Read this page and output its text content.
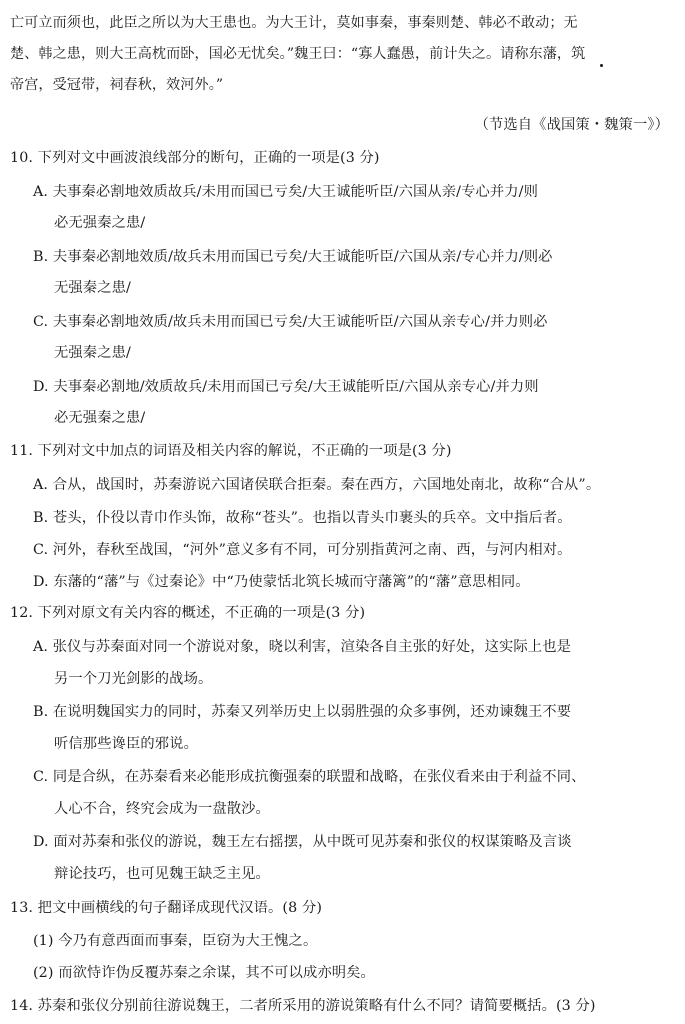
亡可立而须也，此臣之所以为大王患也。为大王计，莫如事秦，事秦则楚、韩必不敢动；无
楚、韩之患，则大王高枕而卧，国必无忧矣。”魏王曰：“寡人蠢愚，前计失之。请称东藩，筑
帝宫，受冠带，祠春秋，效河外。”
（节选自《战国策・魏策一》）
10. 下列对文中画波浪线部分的断句，正确的一项是(3 分)
A. 夫事秦必割地效质故兵/未用而国已亏矣/大王诚能听臣/六国从亲/专心并力/则
必无强秦之患/
B. 夫事秦必割地效质/故兵未用而国已亏矣/大王诚能听臣/六国从亲/专心并力/则必
无强秦之患/
C. 夫事秦必割地效质/故兵未用而国已亏矣/大王诚能听臣/六国从亲专心/并力则必
无强秦之患/
D. 夫事秦必割地/效质故兵/未用而国已亏矣/大王诚能听臣/六国从亲专心/并力则
必无强秦之患/
11. 下列对文中加点的词语及相关内容的解说，不正确的一项是(3 分)
A. 合从，战国时，苏秦游说六国诸侯联合拒秦。秦在西方，六国地处南北，故称“合从”。
B. 苍头，仆役以青巾作头饰，故称“苍头”。也指以青头巾裹头的兵卒。文中指后者。
C. 河外，春秋至战国，“河外”意义多有不同，可分别指黄河之南、西，与河内相对。
D. 东藩的“藩”与《过秦论》中“乃使蒙恬北筑长城而守藩篱”的“藩”意思相同。
12. 下列对原文有关内容的概述，不正确的一项是(3 分)
A. 张仪与苏秦面对同一个游说对象，晓以利害，渲染各自主张的好处，这实际上也是
另一个刀光剑影的战场。
B. 在说明魏国实力的同时，苏秦又列举历史上以弱胜强的众多事例，还劝谏魏王不要
听信那些谗臣的邪说。
C. 同是合纵，在苏秦看来必能形成抗衡强秦的联盟和战略，在张仪看来由于利益不同、
人心不合，终究会成为一盘散沙。
D. 面对苏秦和张仪的游说，魏王左右摇摆，从中既可见苏秦和张仪的权谋策略及言谈
辩论技巧，也可见魏王缺乏主见。
13. 把文中画横线的句子翻译成现代汉语。(8 分)
(1) 今乃有意西面而事秦，臣窃为大王愧之。
(2) 而欲恃诈伪反覆苏秦之余谋，其不可以成亦明矣。
14. 苏秦和张仪分别前往游说魏王，二者所采用的游说策略有什么不同？请简要概括。(3 分)
